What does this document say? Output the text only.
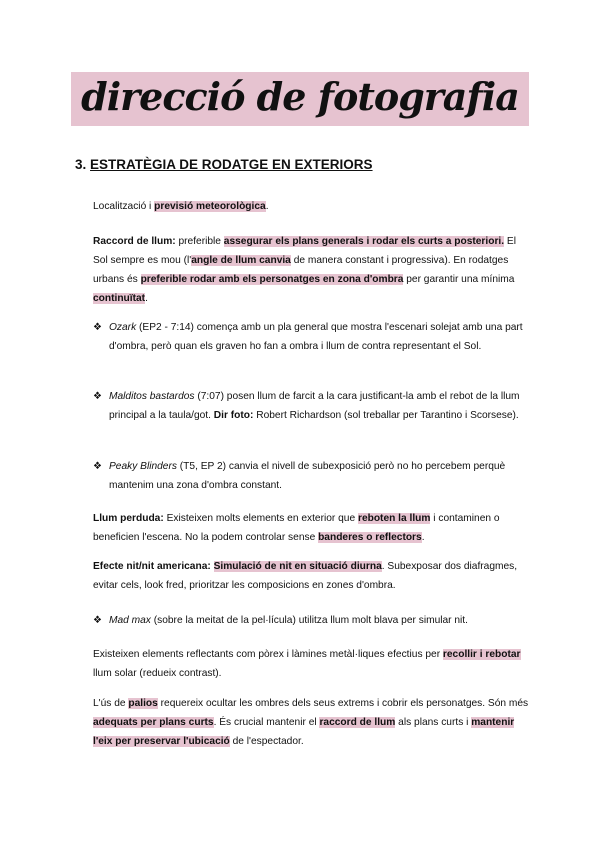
direcció de fotografia
3. ESTRATÈGIA DE RODATGE EN EXTERIORS
Localització i previsió meteorològica.
Raccord de llum: preferible assegurar els plans generals i rodar els curts a posteriori. El Sol sempre es mou (l'angle de llum canvia de manera constant i progressiva). En rodatges urbans és preferible rodar amb els personatges en zona d'ombra per garantir una mínima continuïtat.
❖ Ozark (EP2 - 7:14) comença amb un pla general que mostra l'escenari solejat amb una part d'ombra, però quan els graven ho fan a ombra i llum de contra representant el Sol.
❖ Malditos bastardos (7:07) posen llum de farcit a la cara justificant-la amb el rebot de la llum principal a la taula/got. Dir foto: Robert Richardson (sol treballar per Tarantino i Scorsese).
❖ Peaky Blinders (T5, EP 2) canvia el nivell de subexposició però no ho percebem perquè mantenim una zona d'ombra constant.
Llum perduda: Existeixen molts elements en exterior que reboten la llum i contaminen o beneficien l'escena. No la podem controlar sense banderes o reflectors.
Efecte nit/nit americana: Simulació de nit en situació diurna. Subexposar dos diafragmes, evitar cels, look fred, prioritzar les composicions en zones d'ombra.
❖ Mad max (sobre la meitat de la pel·lícula) utilitza llum molt blava per simular nit.
Existeixen elements reflectants com pòrex i làmines metàl·liques efectius per recollir i rebotar llum solar (redueix contrast).
L'ús de palios requereix ocultar les ombres dels seus extrems i cobrir els personatges. Són més adequats per plans curts. És crucial mantenir el raccord de llum als plans curts i mantenir l'eix per preservar l'ubicació de l'espectador.
